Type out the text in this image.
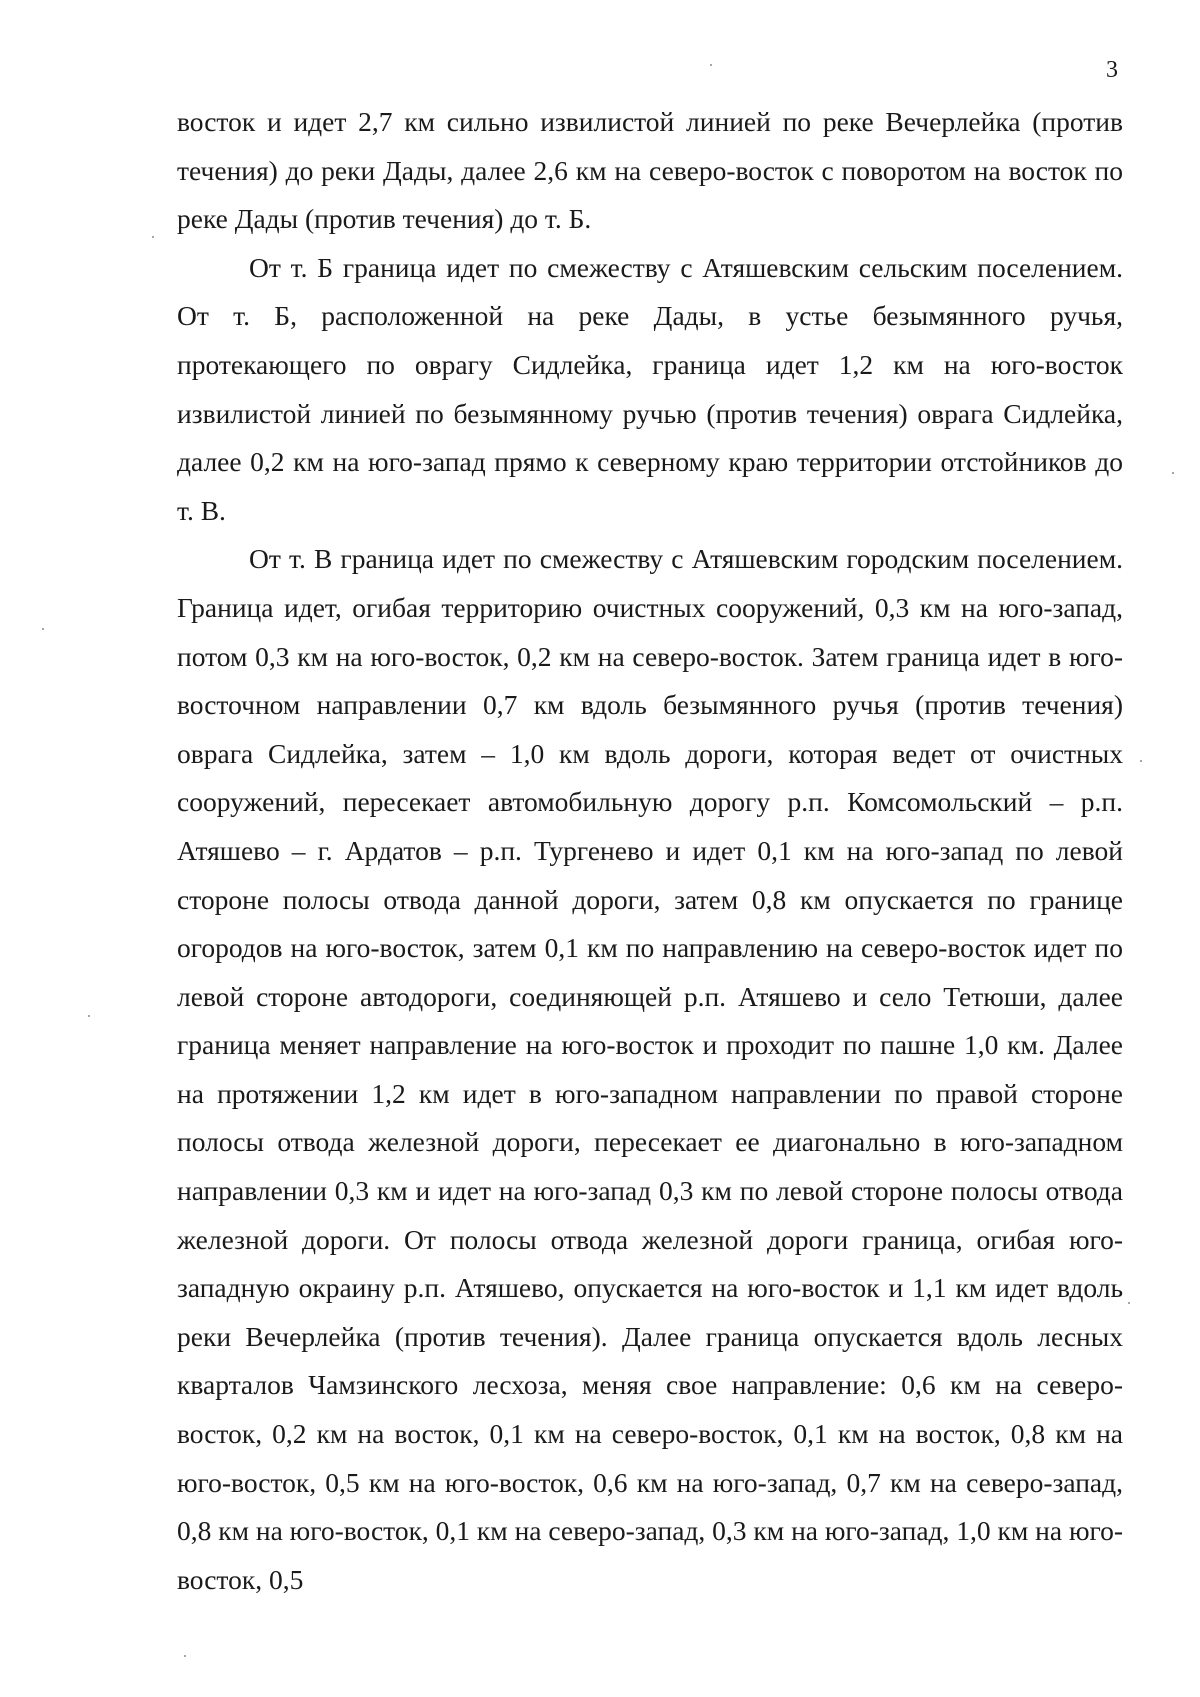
3

восток и идет 2,7 км сильно извилистой линией по реке Вечерлейка (против течения) до реки Дады, далее 2,6 км на северо-восток с поворотом на восток по реке Дады (против течения) до т. Б.

От т. Б граница идет по смежеству с Атяшевским сельским поселением. От т. Б, расположенной на реке Дады, в устье безымянного ручья, протекающего по оврагу Сидлейка, граница идет 1,2 км на юго-восток извилистой линией по безымянному ручью (против течения) оврага Сидлейка, далее 0,2 км на юго-запад прямо к северному краю территории отстойников до т. В.

От т. В граница идет по смежеству с Атяшевским городским поселением. Граница идет, огибая территорию очистных сооружений, 0,3 км на юго-запад, потом 0,3 км на юго-восток, 0,2 км на северо-восток. Затем граница идет в юго-восточном направлении 0,7 км вдоль безымянного ручья (против течения) оврага Сидлейка, затем – 1,0 км вдоль дороги, которая ведет от очистных сооружений, пересекает автомобильную дорогу р.п. Комсомольский – р.п. Атяшево – г. Ардатов – р.п. Тургенево и идет 0,1 км на юго-запад по левой стороне полосы отвода данной дороги, затем 0,8 км опускается по границе огородов на юго-восток, затем 0,1 км по направлению на северо-восток идет по левой стороне автодороги, соединяющей р.п. Атяшево и село Тетюши, далее граница меняет направление на юго-восток и проходит по пашне 1,0 км. Далее на протяжении 1,2 км идет в юго-западном направлении по правой стороне полосы отвода железной дороги, пересекает ее диагонально в юго-западном направлении 0,3 км и идет на юго-запад 0,3 км по левой стороне полосы отвода железной дороги. От полосы отвода железной дороги граница, огибая юго-западную окраину р.п. Атяшево, опускается на юго-восток и 1,1 км идет вдоль реки Вечерлейка (против течения). Далее граница опускается вдоль лесных кварталов Чамзинского лесхоза, меняя свое направление: 0,6 км на северо-восток, 0,2 км на восток, 0,1 км на северо-восток, 0,1 км на восток, 0,8 км на юго-восток, 0,5 км на юго-восток, 0,6 км на юго-запад, 0,7 км на северо-запад, 0,8 км на юго-восток, 0,1 км на северо-запад, 0,3 км на юго-запад, 1,0 км на юго-восток, 0,5
